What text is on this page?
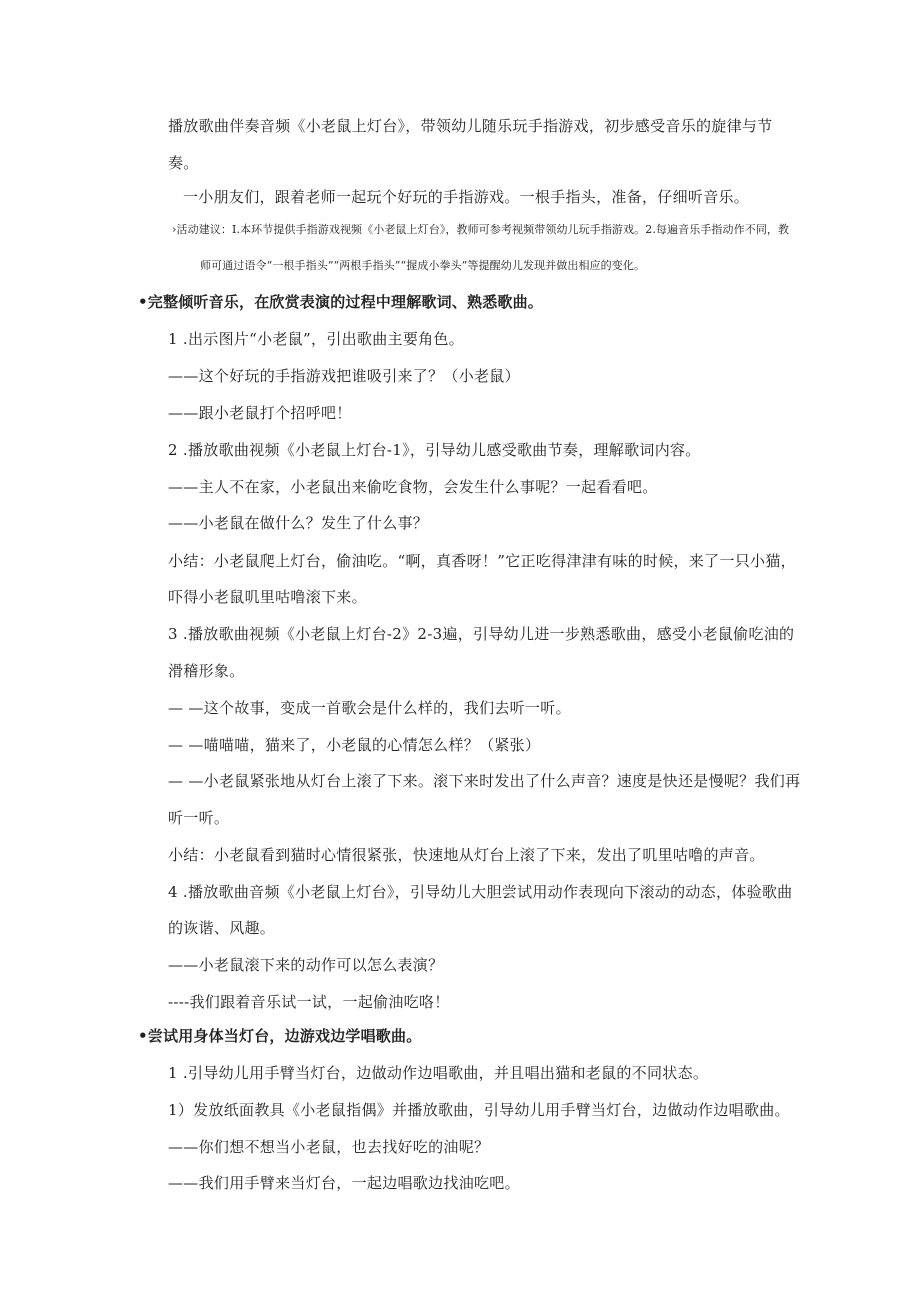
播放歌曲伴奏音频《小老鼠上灯台》，带领幼儿随乐玩手指游戏，初步感受音乐的旋律与节
奏。
一小朋友们，跟着老师一起玩个好玩的手指游戏。一根手指头，准备，仔细听音乐。
›活动建议：I.本环节提供手指游戏视频《小老鼠上灯台》，教师可参考视频带领幼儿玩手指游戏。2.每遍音乐手指动作不同，教
师可通过语令“一根手指头”“两根手指头”“握成小拳头”等提醒幼儿发现并做出相应的变化。
•完整倾听音乐，在欣赏表演的过程中理解歌词、熟悉歌曲。
1 .出示图片“小老鼠”，引出歌曲主要角色。
——这个好玩的手指游戏把谁吸引来了？（小老鼠）
——跟小老鼠打个招呼吧！
2 .播放歌曲视频《小老鼠上灯台-1》，引导幼儿感受歌曲节奏，理解歌词内容。
——主人不在家，小老鼠出来偷吃食物，会发生什么事呢？一起看看吧。
——小老鼠在做什么？发生了什么事？
小结：小老鼠爬上灯台，偷油吃。“啊，真香呀！”它正吃得津津有味的时候，来了一只小猫，
吓得小老鼠叽里咕噜滚下来。
3 .播放歌曲视频《小老鼠上灯台-2》2-3遍，引导幼儿进一步熟悉歌曲，感受小老鼠偷吃油的
滑稽形象。
— —这个故事，变成一首歌会是什么样的，我们去听一听。
— —喵喵喵，猫来了，小老鼠的心情怎么样？（紧张）
— —小老鼠紧张地从灯台上滚了下来。滚下来时发出了什么声音？速度是快还是慢呢？我们再
听一听。
小结：小老鼠看到猫时心情很紧张，快速地从灯台上滚了下来，发出了叽里咕噜的声音。
4 .播放歌曲音频《小老鼠上灯台》，引导幼儿大胆尝试用动作表现向下滚动的动态，体验歌曲
的诙谐、风趣。
——小老鼠滚下来的动作可以怎么表演？
----我们跟着音乐试一试，一起偷油吃咯！
•尝试用身体当灯台，边游戏边学唱歌曲。
1 .引导幼儿用手臂当灯台，边做动作边唱歌曲，并且唱出猫和老鼠的不同状态。
1）发放纸面教具《小老鼠指偶》并播放歌曲，引导幼儿用手臂当灯台，边做动作边唱歌曲。
——你们想不想当小老鼠，也去找好吃的油呢？
——我们用手臂来当灯台，一起边唱歌边找油吃吧。
